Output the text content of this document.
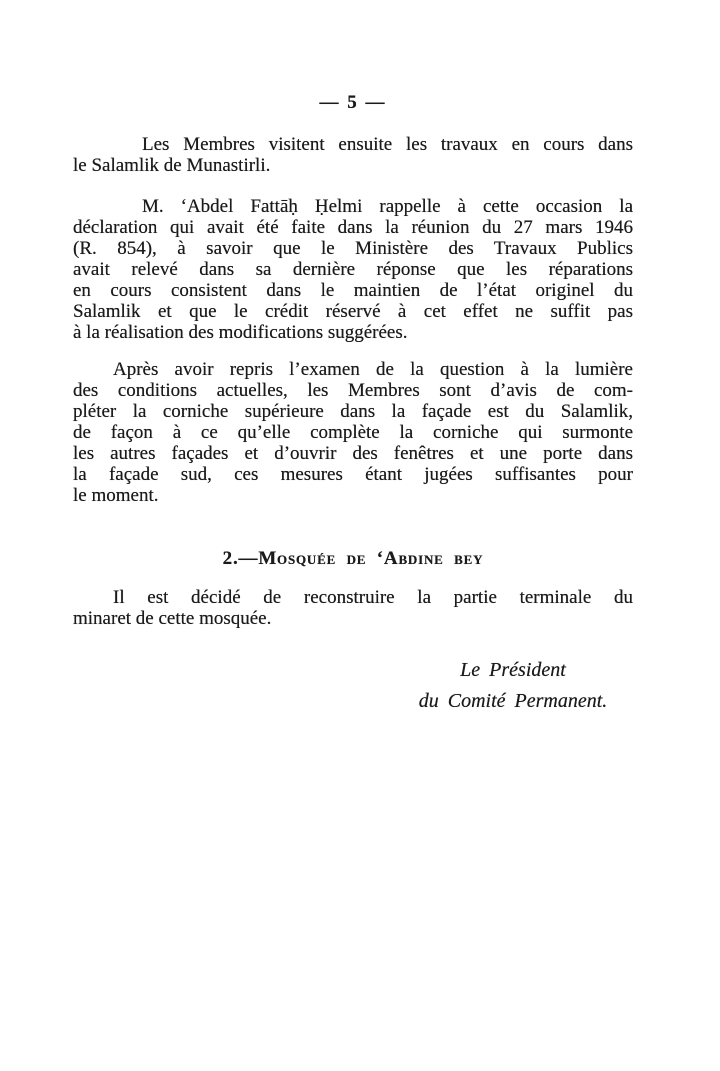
— 5 —
Les Membres visitent ensuite les travaux en cours dans
le Salamlik de Munastirli.
M. ‘Abdel Fattāḥ Ḥelmi rappelle à cette occasion la
déclaration qui avait été faite dans la réunion du 27 mars 1946
(R. 854), à savoir que le Ministère des Travaux Publics
avait relevé dans sa dernière réponse que les réparations
en cours consistent dans le maintien de l’état originel du
Salamlik et que le crédit réservé à cet effet ne suffit pas
à la réalisation des modifications suggérées.
Après avoir repris l’examen de la question à la lumière
des conditions actuelles, les Membres sont d’avis de com-
pléter la corniche supérieure dans la façade est du Salamlik,
de façon à ce qu’elle complète la corniche qui surmonte
les autres façades et d’ouvrir des fenêtres et une porte dans
la façade sud, ces mesures étant jugées suffisantes pour
le moment.
2.—Mosquée de ‘Abdine bey
Il est décidé de reconstruire la partie terminale du
minaret de cette mosquée.
Le Président
du Comité Permanent.
